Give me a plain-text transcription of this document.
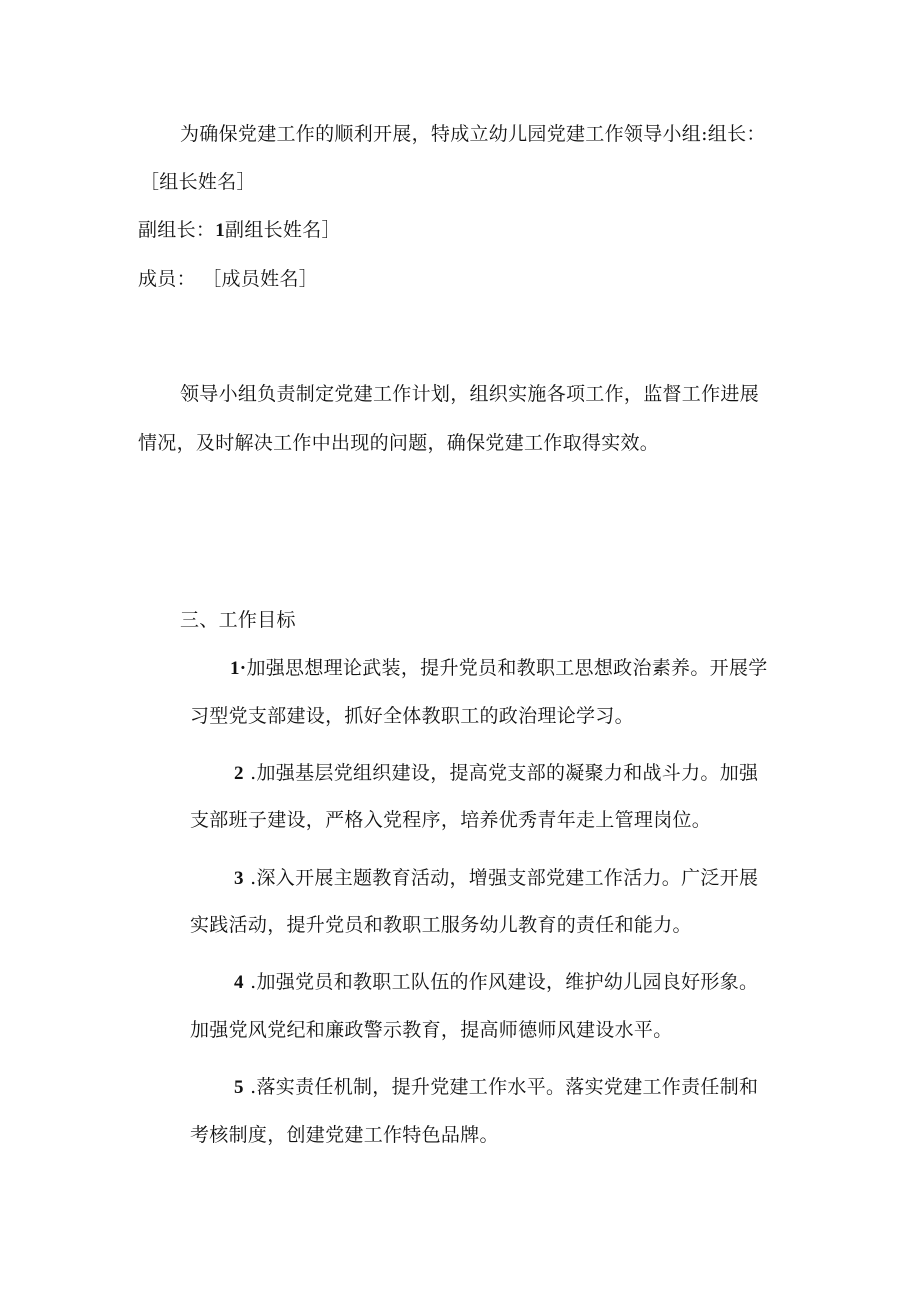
为确保党建工作的顺利开展，特成立幼儿园党建工作领导小组:组长：
［组长姓名］
副组长：1副组长姓名］
成员： ［成员姓名］
领导小组负责制定党建工作计划，组织实施各项工作，监督工作进展
情况，及时解决工作中出现的问题，确保党建工作取得实效。
三、工作目标
1·加强思想理论武装，提升党员和教职工思想政治素养。开展学
习型党支部建设，抓好全体教职工的政治理论学习。
2 .加强基层党组织建设，提高党支部的凝聚力和战斗力。加强
支部班子建设，严格入党程序，培养优秀青年走上管理岗位。
3 .深入开展主题教育活动，增强支部党建工作活力。广泛开展
实践活动，提升党员和教职工服务幼儿教育的责任和能力。
4 .加强党员和教职工队伍的作风建设，维护幼儿园良好形象。
加强党风党纪和廉政警示教育，提高师德师风建设水平。
5 .落实责任机制，提升党建工作水平。落实党建工作责任制和
考核制度，创建党建工作特色品牌。
